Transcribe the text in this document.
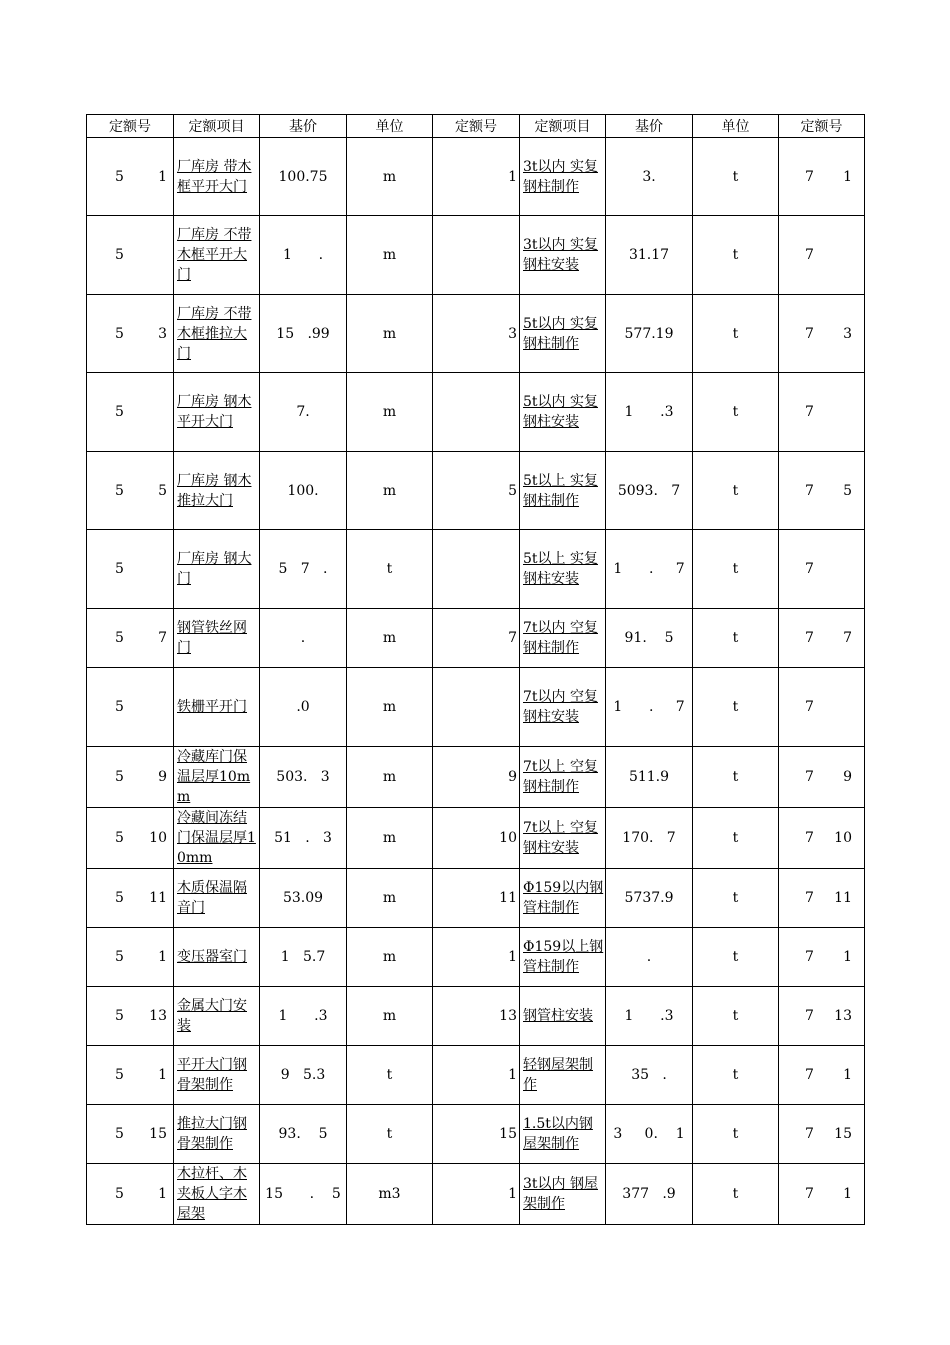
定额号	定额项目	基价	单位	定额号	定额项目	基价	单位	定额号

5 1	厂库房 带木框平开大门	100.75	m	1	3t以内 实复钢柱制作	3.	t	7 1

5	厂库房 不带木框平开大门	1      .	m		3t以内 实复钢柱安装	31.17	t	7

5 3	厂库房 不带木框推拉大门	15   .99	m	3	5t以内 实复钢柱制作	577.19	t	7 3

5	厂库房 钢木平开大门	7.	m		5t以内 实复钢柱安装	1      .3	t	7

5 5	厂库房 钢木推拉大门	100.	m	5	5t以上 实复钢柱制作	5093.   7	t	7 5

5	厂库房 钢大门	5   7   .	t		5t以上 实复钢柱安装	1      .     7	t	7

5 7	钢管铁丝网门	.	m	7	7t以内 空复钢柱制作	91.    5	t	7 7

5	铁栅平开门	.0	m		7t以内 空复钢柱安装	1      .     7	t	7

5 9	冷藏库门保温层厚10mm	503.   3	m	9	7t以上 空复钢柱制作	511.9	t	7 9

5 10	冷藏间冻结门保温层厚10mm	51   .   3	m	10	7t以上 空复钢柱安装	170.   7	t	7 10

5 11	木质保温隔音门	53.09	m	11	Φ159以内钢管柱制作	5737.9	t	7 11

5 1	变压器室门	1   5.7	m	1	Φ159以上钢管柱制作	.	t	7 1

5 13	金属大门安装	1      .3	m	13	钢管柱安装	1      .3	t	7 13

5 1	平开大门钢骨架制作	9   5.3	t	1	轻钢屋架制作	35   .	t	7 1

5 15	推拉大门钢骨架制作	93.    5	t	15	1.5t以内钢屋架制作	3     0.    1	t	7 15

5 1	木拉杆、木夹板人字木屋架	15      .    5	m3	1	3t以内 钢屋架制作	377   .9	t	7 1
